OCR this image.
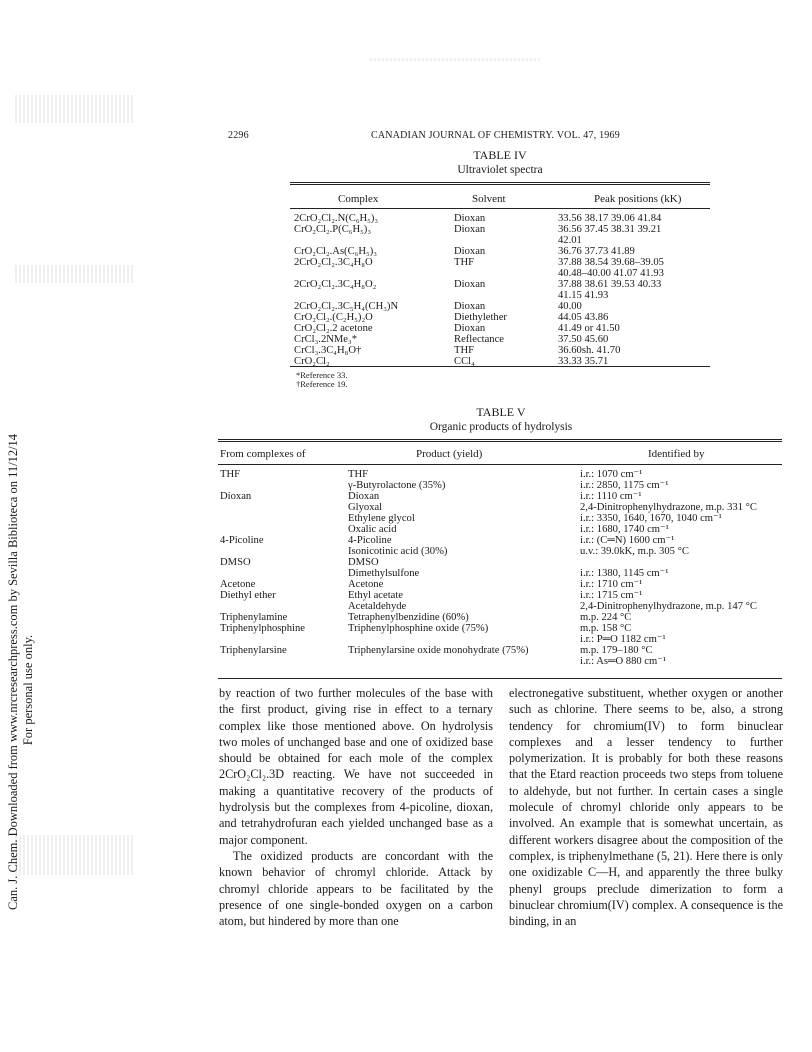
Can. J. Chem. Downloaded from www.nrcresearchpress.com by Sevilla Biblioteca on 11/12/14 For personal use only.
2296	CANADIAN JOURNAL OF CHEMISTRY. VOL. 47, 1969
TABLE IV
Ultraviolet spectra
Complex	Solvent	Peak positions (kK)
2CrO₂Cl₂.N(C₆H₅)₃	Dioxan	33.56 38.17 39.06 41.84
CrO₂Cl₂.P(C₆H₅)₃	Dioxan	36.56 37.45 38.31 39.21
		42.01
CrO₂Cl₂.As(C₆H₅)₃	Dioxan	36.76 37.73 41.89
2CrO₂Cl₂.3C₄H₈O	THF	37.88 38.54 39.68–39.05
		40.48–40.00 41.07 41.93
2CrO₂Cl₂.3C₄H₈O₂	Dioxan	37.88 38.61 39.53 40.33
		41.15 41.93
2CrO₂Cl₂.3C₅H₄(CH₃)N	Dioxan	40.00
CrO₂Cl₂.(C₂H₅)₂O	Diethylether	44.05 43.86
CrO₂Cl₂.2 acetone	Dioxan	41.49 or 41.50
CrCl₃.2NMe₃*	Reflectance	37.50 45.60
CrCl₃.3C₄H₈O†	THF	36.60sh. 41.70
CrO₂Cl₂	CCl₄	33.33 35.71
*Reference 33.
†Reference 19.
TABLE V
Organic products of hydrolysis
From complexes of	Product (yield)	Identified by
THF	THF	i.r.: 1070 cm⁻¹
	γ-Butyrolactone (35%)	i.r.: 2850, 1175 cm⁻¹
Dioxan	Dioxan	i.r.: 1110 cm⁻¹
	Glyoxal	2,4-Dinitrophenylhydrazone, m.p. 331 °C
	Ethylene glycol	i.r.: 3350, 1640, 1670, 1040 cm⁻¹
	Oxalic acid	i.r.: 1680, 1740 cm⁻¹
4-Picoline	4-Picoline	i.r.: (C═N) 1600 cm⁻¹
	Isonicotinic acid (30%)	u.v.: 39.0kK, m.p. 305 °C
DMSO	DMSO	
	Dimethylsulfone	i.r.: 1380, 1145 cm⁻¹
Acetone	Acetone	i.r.: 1710 cm⁻¹
Diethyl ether	Ethyl acetate	i.r.: 1715 cm⁻¹
	Acetaldehyde	2,4-Dinitrophenylhydrazone, m.p. 147 °C
Triphenylamine	Tetraphenylbenzidine (60%)	m.p. 224 °C
Triphenylphosphine	Triphenylphosphine oxide (75%)	m.p. 158 °C
		i.r.: P═O 1182 cm⁻¹
Triphenylarsine	Triphenylarsine oxide monohydrate (75%)	m.p. 179–180 °C
		i.r.: As═O 880 cm⁻¹

by reaction of two further molecules of the base with the first product, giving rise in effect to a ternary complex like those mentioned above. On hydrolysis two moles of unchanged base and one of oxidized base should be obtained for each mole of the complex 2CrO₂Cl₂.3D reacting. We have not succeeded in making a quantitative recovery of the products of hydrolysis but the complexes from 4-picoline, dioxan, and tetrahydrofuran each yielded unchanged base as a major component.

The oxidized products are concordant with the known behavior of chromyl chloride. Attack by chromyl chloride appears to be facilitated by the presence of one single-bonded oxygen on a carbon atom, but hindered by more than one

electronegative substituent, whether oxygen or another such as chlorine. There seems to be, also, a strong tendency for chromium(IV) to form binuclear complexes and a lesser tendency to further polymerization. It is probably for both these reasons that the Etard reaction proceeds two steps from toluene to aldehyde, but not further. In certain cases a single molecule of chromyl chloride only appears to be involved. An example that is somewhat uncertain, as different workers disagree about the composition of the complex, is triphenylmethane (5, 21). Here there is only one oxidizable C—H, and apparently the three bulky phenyl groups preclude dimerization to form a binuclear chromium(IV) complex. A consequence is the binding, in an
